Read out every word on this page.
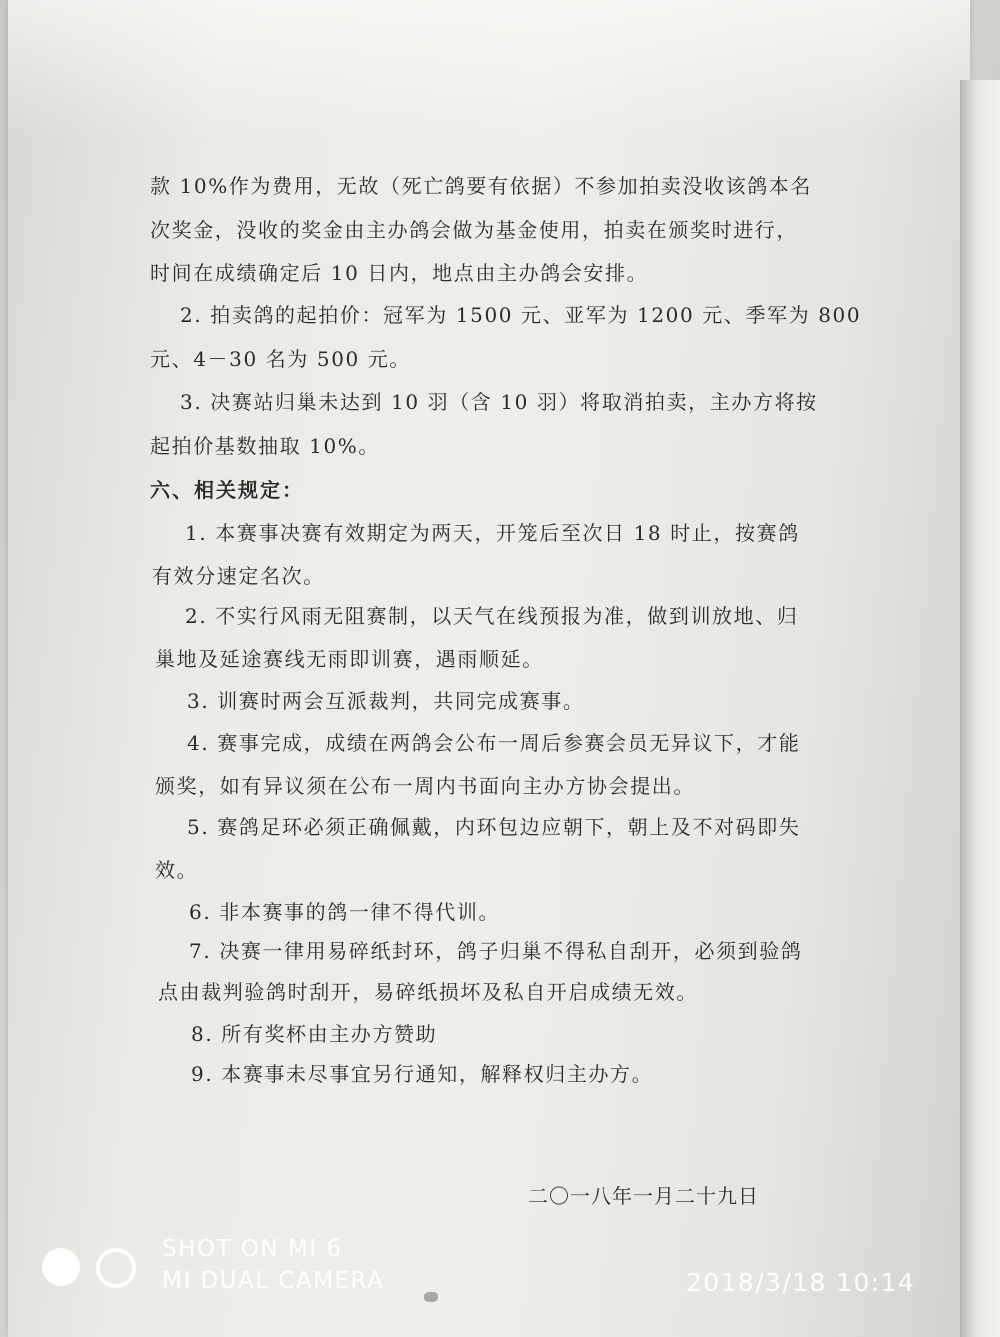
款 10%作为费用，无故（死亡鸽要有依据）不参加拍卖没收该鸽本名
次奖金，没收的奖金由主办鸽会做为基金使用，拍卖在颁奖时进行，
时间在成绩确定后 10 日内，地点由主办鸽会安排。
2. 拍卖鸽的起拍价：冠军为 1500 元、亚军为 1200 元、季军为 800
元、4－30 名为 500 元。
3. 决赛站归巢未达到 10 羽（含 10 羽）将取消拍卖，主办方将按
起拍价基数抽取 10%。
六、相关规定：
1. 本赛事决赛有效期定为两天，开笼后至次日 18 时止，按赛鸽
有效分速定名次。
2. 不实行风雨无阻赛制，以天气在线预报为准，做到训放地、归
巢地及延途赛线无雨即训赛，遇雨顺延。
3. 训赛时两会互派裁判，共同完成赛事。
4. 赛事完成，成绩在两鸽会公布一周后参赛会员无异议下，才能
颁奖，如有异议须在公布一周内书面向主办方协会提出。
5. 赛鸽足环必须正确佩戴，内环包边应朝下，朝上及不对码即失
效。
6. 非本赛事的鸽一律不得代训。
7. 决赛一律用易碎纸封环，鸽子归巢不得私自刮开，必须到验鸽
点由裁判验鸽时刮开，易碎纸损坏及私自开启成绩无效。
8. 所有奖杯由主办方赞助
9. 本赛事未尽事宜另行通知，解释权归主办方。
二〇一八年一月二十九日
SHOT ON MI 6
MI DUAL CAMERA	2018/3/18 10:14
